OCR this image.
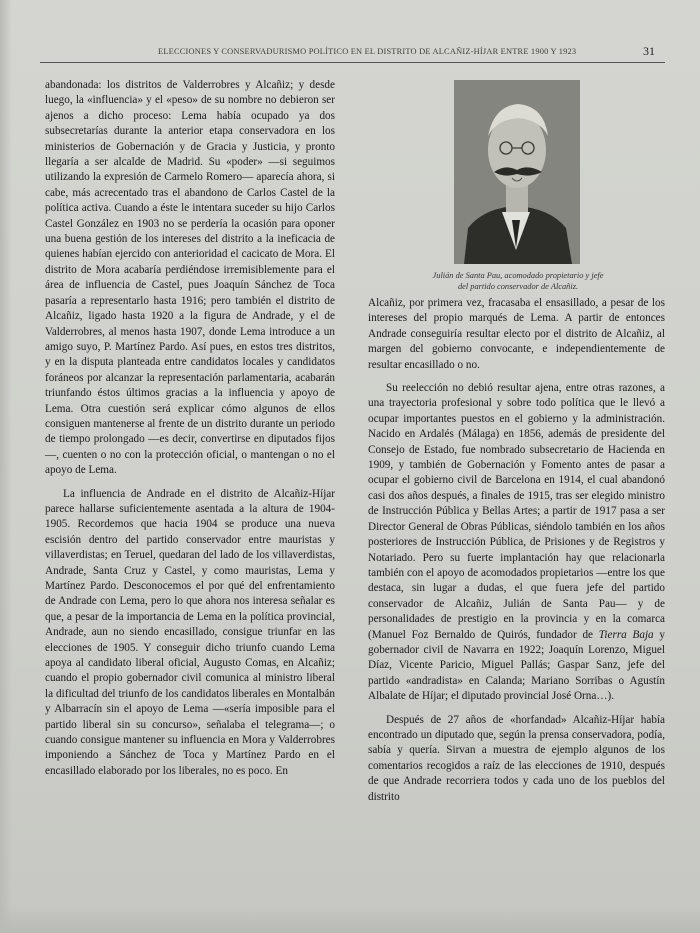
ELECCIONES Y CONSERVADURISMO POLÍTICO EN EL DISTRITO DE ALCAÑIZ-HÍJAR ENTRE 1900 Y 1923	31

abandonada: los distritos de Valderrobres y Alcañiz; y desde luego, la «influencia» y el «peso» de su nombre no debieron ser ajenos a dicho proceso: Lema había ocupado ya dos subsecretarías durante la anterior etapa conservadora en los ministerios de Gobernación y de Gracia y Justicia, y pronto llegaría a ser alcalde de Madrid. Su «poder» —si seguimos utilizando la expresión de Carmelo Romero— aparecía ahora, si cabe, más acrecentado tras el abandono de Carlos Castel de la política activa. Cuando a éste le intentara suceder su hijo Carlos Castel González en 1903 no se perdería la ocasión para oponer una buena gestión de los intereses del distrito a la ineficacia de quienes habían ejercido con anterioridad el cacicato de Mora. El distrito de Mora acabaría perdiéndose irremisiblemente para el área de influencia de Castel, pues Joaquín Sánchez de Toca pasaría a representarlo hasta 1916; pero también el distrito de Alcañiz, ligado hasta 1920 a la figura de Andrade, y el de Valderrobres, al menos hasta 1907, donde Lema introduce a un amigo suyo, P. Martínez Pardo. Así pues, en estos tres distritos, y en la disputa planteada entre candidatos locales y candidatos foráneos por alcanzar la representación parlamentaria, acabarán triunfando éstos últimos gracias a la influencia y apoyo de Lema. Otra cuestión será explicar cómo algunos de ellos consiguen mantenerse al frente de un distrito durante un periodo de tiempo prolongado —es decir, convertirse en diputados fijos—, cuenten o no con la protección oficial, o mantengan o no el apoyo de Lema.

La influencia de Andrade en el distrito de Alcañiz-Híjar parece hallarse suficientemente asentada a la altura de 1904-1905. Recordemos que hacia 1904 se produce una nueva escisión dentro del partido conservador entre mauristas y villaverdistas; en Teruel, quedaran del lado de los villaverdistas, Andrade, Santa Cruz y Castel, y como mauristas, Lema y Martínez Pardo. Desconocemos el por qué del enfrentamiento de Andrade con Lema, pero lo que ahora nos interesa señalar es que, a pesar de la importancia de Lema en la política provincial, Andrade, aun no siendo encasillado, consigue triunfar en las elecciones de 1905. Y conseguir dicho triunfo cuando Lema apoya al candidato liberal oficial, Augusto Comas, en Alcañiz; cuando el propio gobernador civil comunica al ministro liberal la dificultad del triunfo de los candidatos liberales en Montalbán y Albarracín sin el apoyo de Lema —«sería imposible para el partido liberal sin su concurso», señalaba el telegrama—; o cuando consigue mantener su influencia en Mora y Valderrobres imponiendo a Sánchez de Toca y Martínez Pardo en el encasillado elaborado por los liberales, no es poco. En

Julián de Santa Pau, acomodado propietario y jefe
del partido conservador de Alcañiz.

Alcañiz, por primera vez, fracasaba el ensasillado, a pesar de los intereses del propio marqués de Lema. A partir de entonces Andrade conseguiría resultar electo por el distrito de Alcañiz, al margen del gobierno convocante, e independientemente de resultar encasillado o no.

Su reelección no debió resultar ajena, entre otras razones, a una trayectoria profesional y sobre todo política que le llevó a ocupar importantes puestos en el gobierno y la administración. Nacido en Ardalés (Málaga) en 1856, además de presidente del Consejo de Estado, fue nombrado subsecretario de Hacienda en 1909, y también de Gobernación y Fomento antes de pasar a ocupar el gobierno civil de Barcelona en 1914, el cual abandonó casi dos años después, a finales de 1915, tras ser elegido ministro de Instrucción Pública y Bellas Artes; a partir de 1917 pasa a ser Director General de Obras Públicas, siéndolo también en los años posteriores de Instrucción Pública, de Prisiones y de Registros y Notariado. Pero su fuerte implantación hay que relacionarla también con el apoyo de acomodados propietarios —entre los que destaca, sin lugar a dudas, el que fuera jefe del partido conservador de Alcañiz, Julián de Santa Pau— y de personalidades de prestigio en la provincia y en la comarca (Manuel Foz Bernaldo de Quirós, fundador de Tierra Baja y gobernador civil de Navarra en 1922; Joaquín Lorenzo, Miguel Díaz, Vicente Paricio, Miguel Pallás; Gaspar Sanz, jefe del partido «andradista» en Calanda; Mariano Sorribas o Agustín Albalate de Híjar; el diputado provincial José Orna…).

Después de 27 años de «horfandad» Alcañiz-Híjar había encontrado un diputado que, según la prensa conservadora, podía, sabía y quería. Sirvan a muestra de ejemplo algunos de los comentarios recogidos a raíz de las elecciones de 1910, después de que Andrade recorriera todos y cada uno de los pueblos del distrito
